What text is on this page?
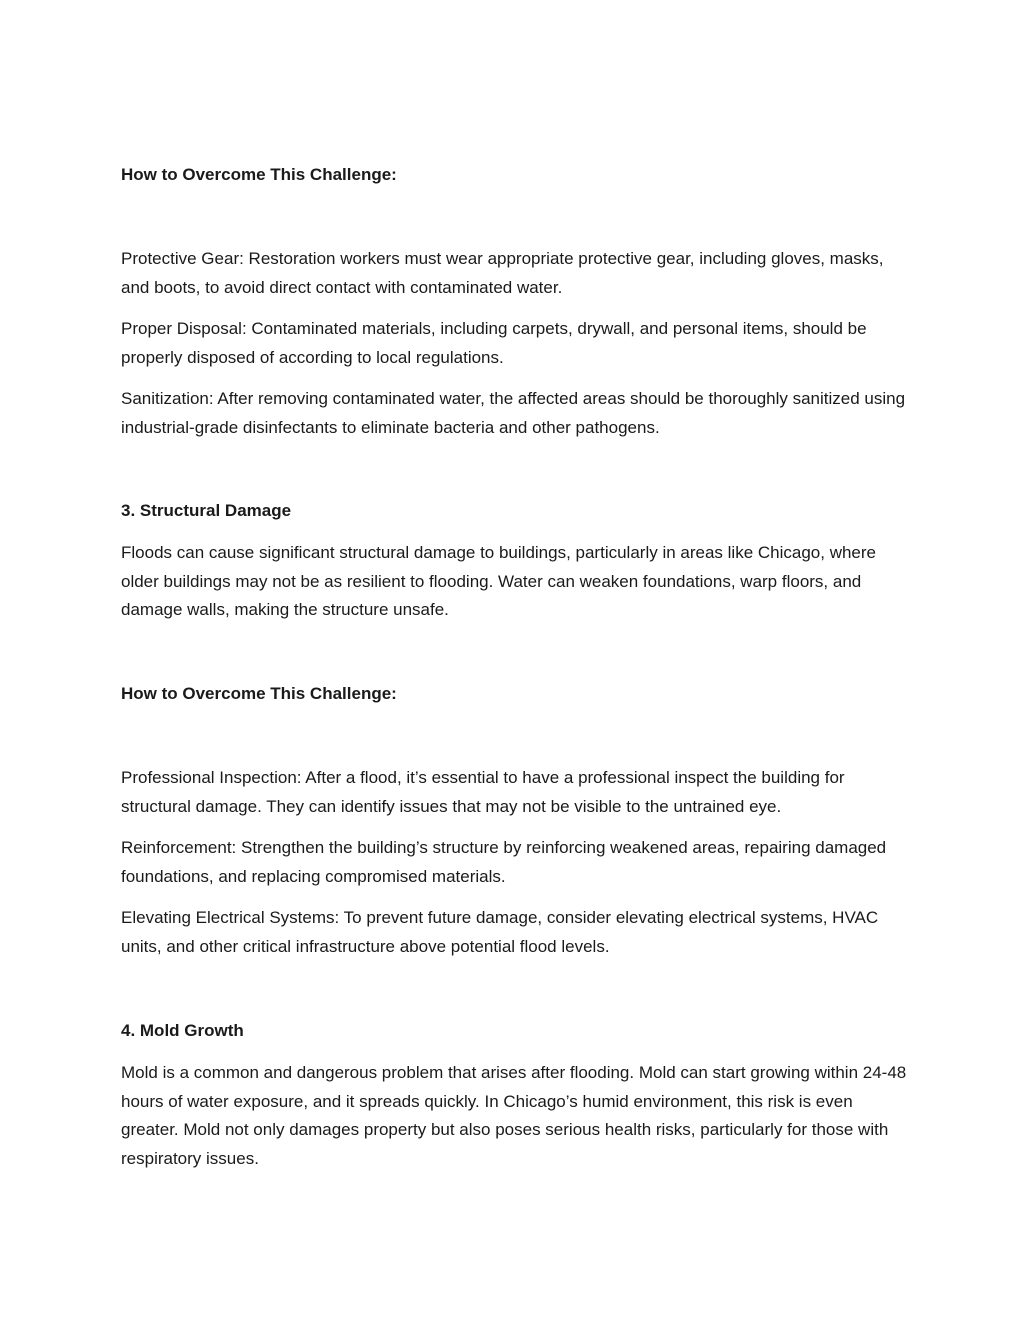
How to Overcome This Challenge:

Protective Gear: Restoration workers must wear appropriate protective gear, including gloves, masks, and boots, to avoid direct contact with contaminated water.

Proper Disposal: Contaminated materials, including carpets, drywall, and personal items, should be properly disposed of according to local regulations.

Sanitization: After removing contaminated water, the affected areas should be thoroughly sanitized using industrial-grade disinfectants to eliminate bacteria and other pathogens.

3. Structural Damage

Floods can cause significant structural damage to buildings, particularly in areas like Chicago, where older buildings may not be as resilient to flooding. Water can weaken foundations, warp floors, and damage walls, making the structure unsafe.

How to Overcome This Challenge:

Professional Inspection: After a flood, it’s essential to have a professional inspect the building for structural damage. They can identify issues that may not be visible to the untrained eye.

Reinforcement: Strengthen the building’s structure by reinforcing weakened areas, repairing damaged foundations, and replacing compromised materials.

Elevating Electrical Systems: To prevent future damage, consider elevating electrical systems, HVAC units, and other critical infrastructure above potential flood levels.

4. Mold Growth

Mold is a common and dangerous problem that arises after flooding. Mold can start growing within 24-48 hours of water exposure, and it spreads quickly. In Chicago’s humid environment, this risk is even greater. Mold not only damages property but also poses serious health risks, particularly for those with respiratory issues.
